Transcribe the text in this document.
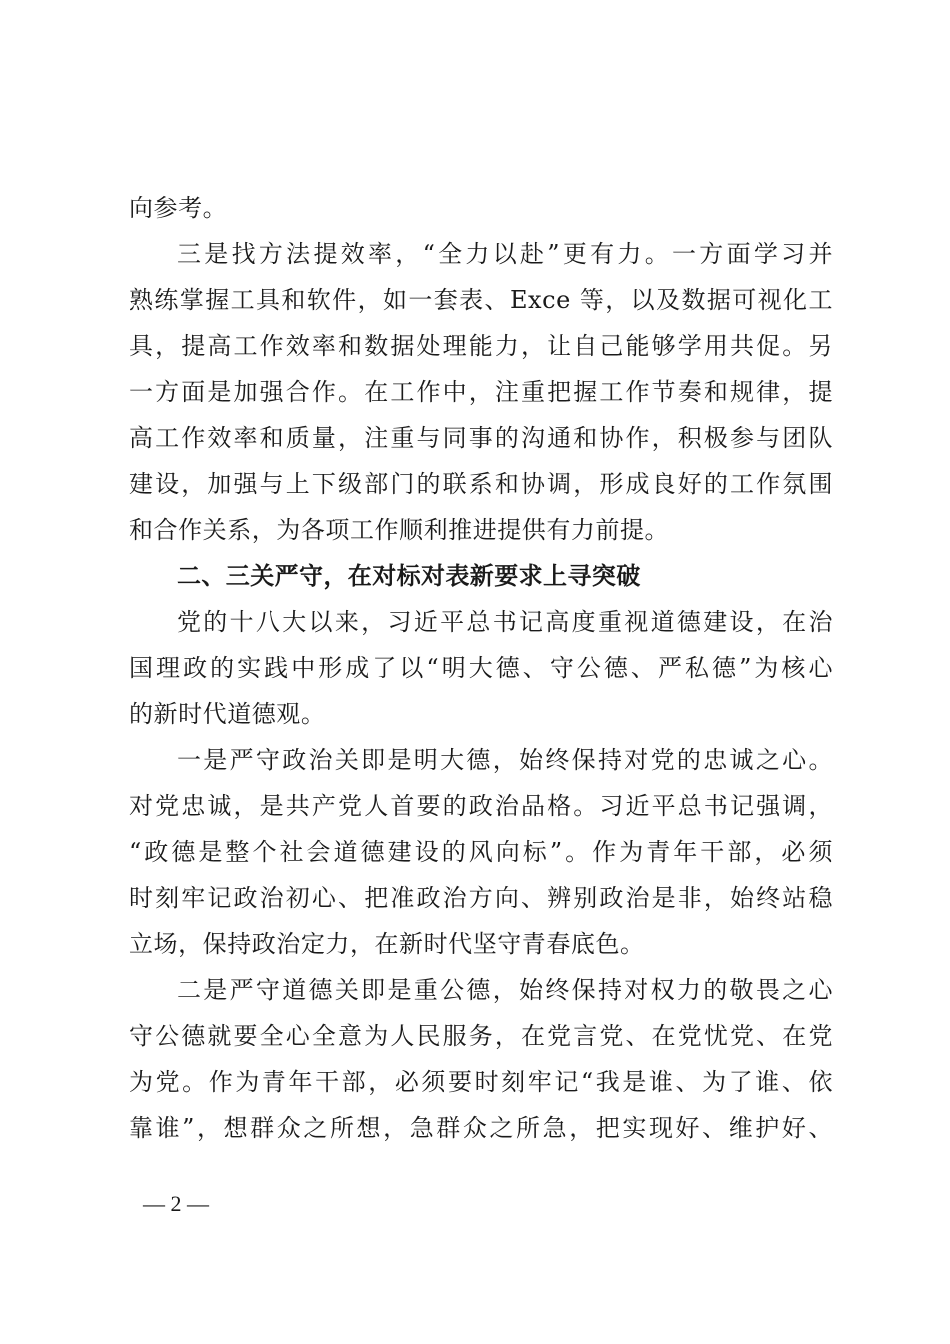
向参考。
三是找方法提效率，“全力以赴”更有力。一方面学习并
熟练掌握工具和软件，如一套表、Exce 等，以及数据可视化工
具，提高工作效率和数据处理能力，让自己能够学用共促。另
一方面是加强合作。在工作中，注重把握工作节奏和规律，提
高工作效率和质量，注重与同事的沟通和协作，积极参与团队
建设，加强与上下级部门的联系和协调，形成良好的工作氛围
和合作关系，为各项工作顺利推进提供有力前提。
二、三关严守，在对标对表新要求上寻突破
党的十八大以来，习近平总书记高度重视道德建设，在治
国理政的实践中形成了以“明大德、守公德、严私德”为核心
的新时代道德观。
一是严守政治关即是明大德，始终保持对党的忠诚之心。
对党忠诚，是共产党人首要的政治品格。习近平总书记强调，
“政德是整个社会道德建设的风向标”。作为青年干部，必须
时刻牢记政治初心、把准政治方向、辨别政治是非，始终站稳
立场，保持政治定力，在新时代坚守青春底色。
二是严守道德关即是重公德，始终保持对权力的敬畏之心
守公德就要全心全意为人民服务，在党言党、在党忧党、在党
为党。作为青年干部，必须要时刻牢记“我是谁、为了谁、依
靠谁”，想群众之所想，急群众之所急，把实现好、维护好、
— 2 —
